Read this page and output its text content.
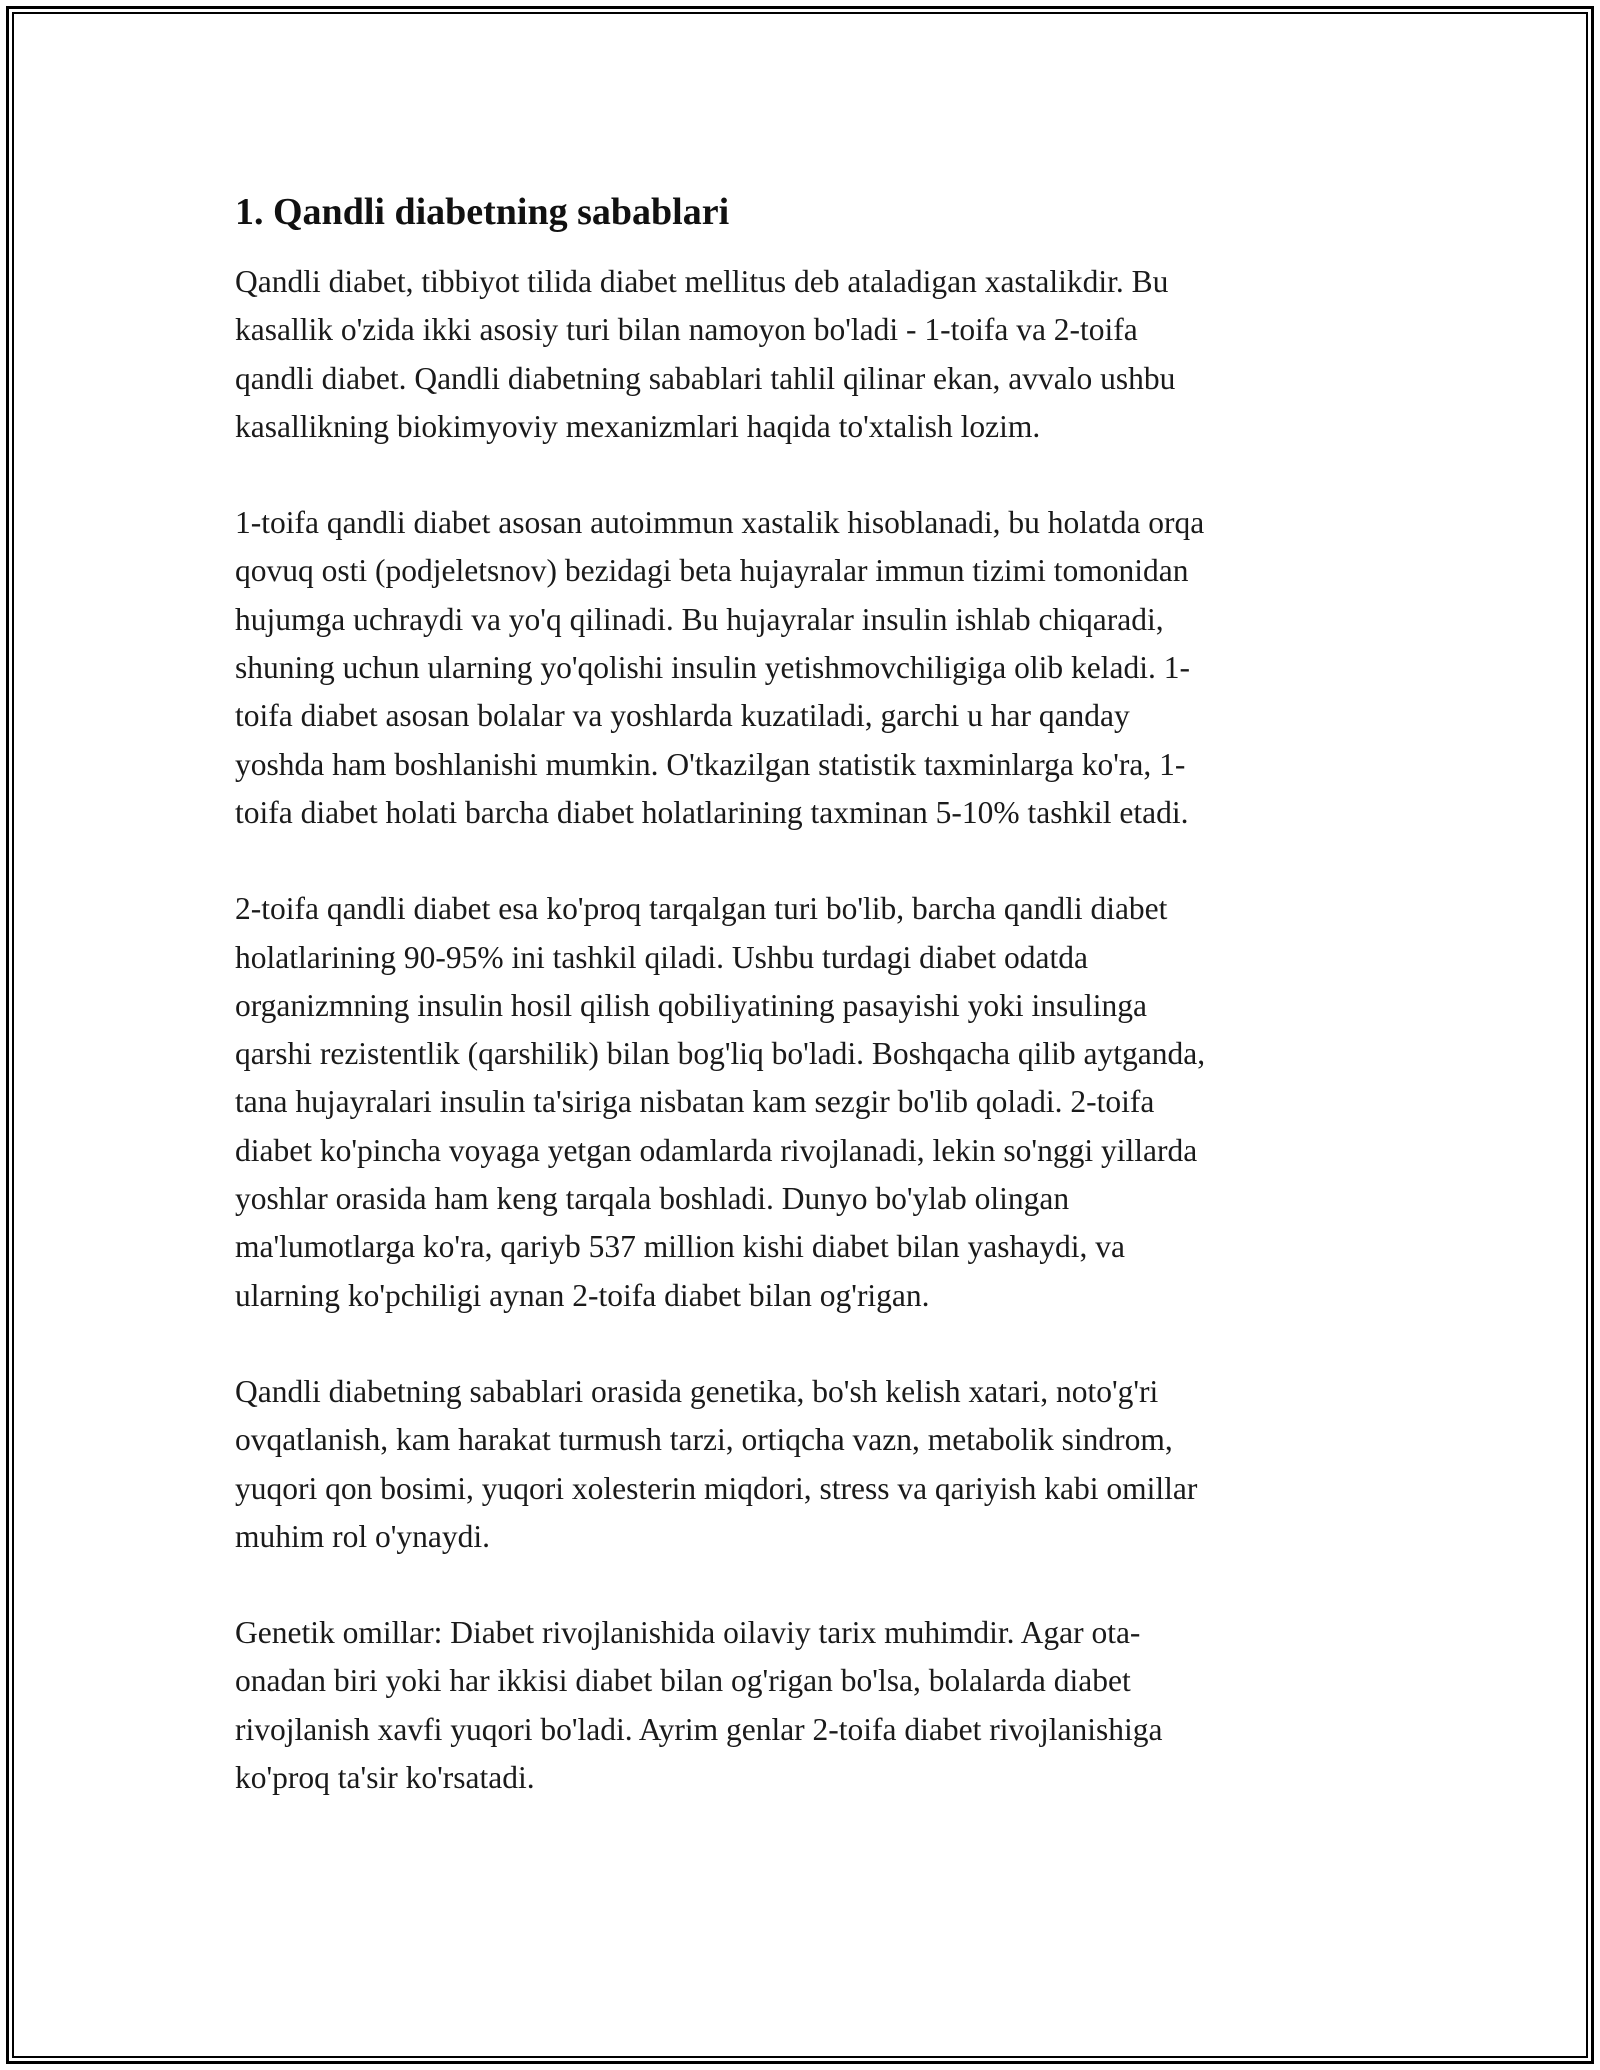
1. Qandli diabetning sabablari

Qandli diabet, tibbiyot tilida diabet mellitus deb ataladigan xastalikdir. Bu
kasallik o'zida ikki asosiy turi bilan namoyon bo'ladi - 1-toifa va 2-toifa
qandli diabet. Qandli diabetning sabablari tahlil qilinar ekan, avvalo ushbu
kasallikning biokimyoviy mexanizmlari haqida to'xtalish lozim.

1-toifa qandli diabet asosan autoimmun xastalik hisoblanadi, bu holatda orqa
qovuq osti (podjeletsnov) bezidagi beta hujayralar immun tizimi tomonidan
hujumga uchraydi va yo'q qilinadi. Bu hujayralar insulin ishlab chiqaradi,
shuning uchun ularning yo'qolishi insulin yetishmovchiligiga olib keladi. 1-
toifa diabet asosan bolalar va yoshlarda kuzatiladi, garchi u har qanday
yoshda ham boshlanishi mumkin. O'tkazilgan statistik taxminlarga ko'ra, 1-
toifa diabet holati barcha diabet holatlarining taxminan 5-10% tashkil etadi.

2-toifa qandli diabet esa ko'proq tarqalgan turi bo'lib, barcha qandli diabet
holatlarining 90-95% ini tashkil qiladi. Ushbu turdagi diabet odatda
organizmning insulin hosil qilish qobiliyatining pasayishi yoki insulinga
qarshi rezistentlik (qarshilik) bilan bog'liq bo'ladi. Boshqacha qilib aytganda,
tana hujayralari insulin ta'siriga nisbatan kam sezgir bo'lib qoladi. 2-toifa
diabet ko'pincha voyaga yetgan odamlarda rivojlanadi, lekin so'nggi yillarda
yoshlar orasida ham keng tarqala boshladi. Dunyo bo'ylab olingan
ma'lumotlarga ko'ra, qariyb 537 million kishi diabet bilan yashaydi, va
ularning ko'pchiligi aynan 2-toifa diabet bilan og'rigan.

Qandli diabetning sabablari orasida genetika, bo'sh kelish xatari, noto'g'ri
ovqatlanish, kam harakat turmush tarzi, ortiqcha vazn, metabolik sindrom,
yuqori qon bosimi, yuqori xolesterin miqdori, stress va qariyish kabi omillar
muhim rol o'ynaydi.

Genetik omillar: Diabet rivojlanishida oilaviy tarix muhimdir. Agar ota-
onadan biri yoki har ikkisi diabet bilan og'rigan bo'lsa, bolalarda diabet
rivojlanish xavfi yuqori bo'ladi. Ayrim genlar 2-toifa diabet rivojlanishiga
ko'proq ta'sir ko'rsatadi.
